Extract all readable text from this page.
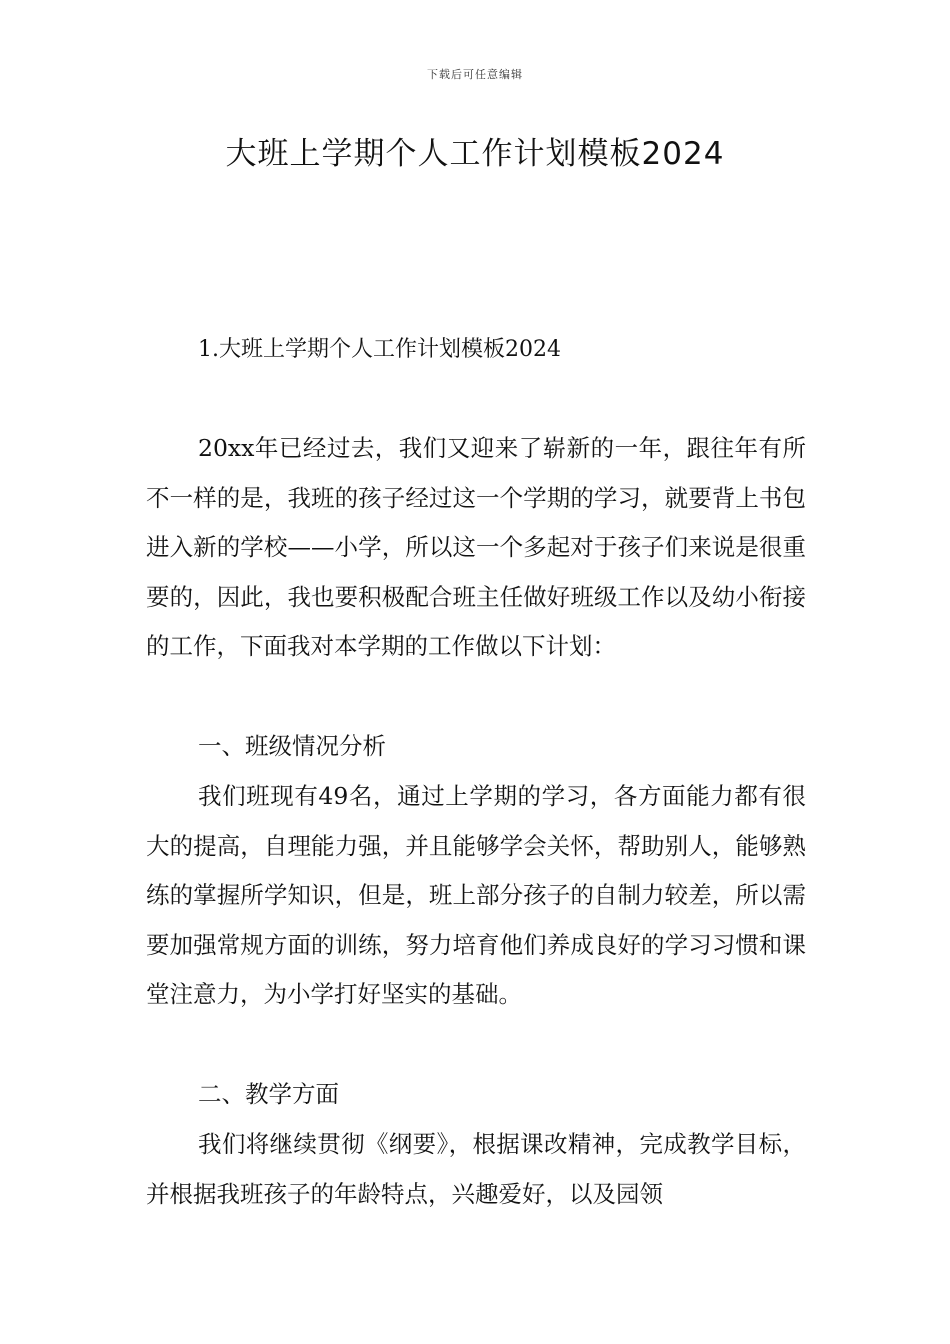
下载后可任意编辑
大班上学期个人工作计划模板2024
1.大班上学期个人工作计划模板2024

20xx年已经过去，我们又迎来了崭新的一年，跟往年有所不一样的是，我班的孩子经过这一个学期的学习，就要背上书包进入新的学校——小学，所以这一个多起对于孩子们来说是很重要的，因此，我也要积极配合班主任做好班级工作以及幼小衔接的工作，下面我对本学期的工作做以下计划：

一、班级情况分析

我们班现有49名，通过上学期的学习，各方面能力都有很大的提高，自理能力强，并且能够学会关怀，帮助别人，能够熟练的掌握所学知识，但是，班上部分孩子的自制力较差，所以需要加强常规方面的训练，努力培育他们养成良好的学习习惯和课堂注意力，为小学打好坚实的基础。

二、教学方面

我们将继续贯彻《纲要》，根据课改精神，完成教学目标，并根据我班孩子的年龄特点，兴趣爱好，以及园领
